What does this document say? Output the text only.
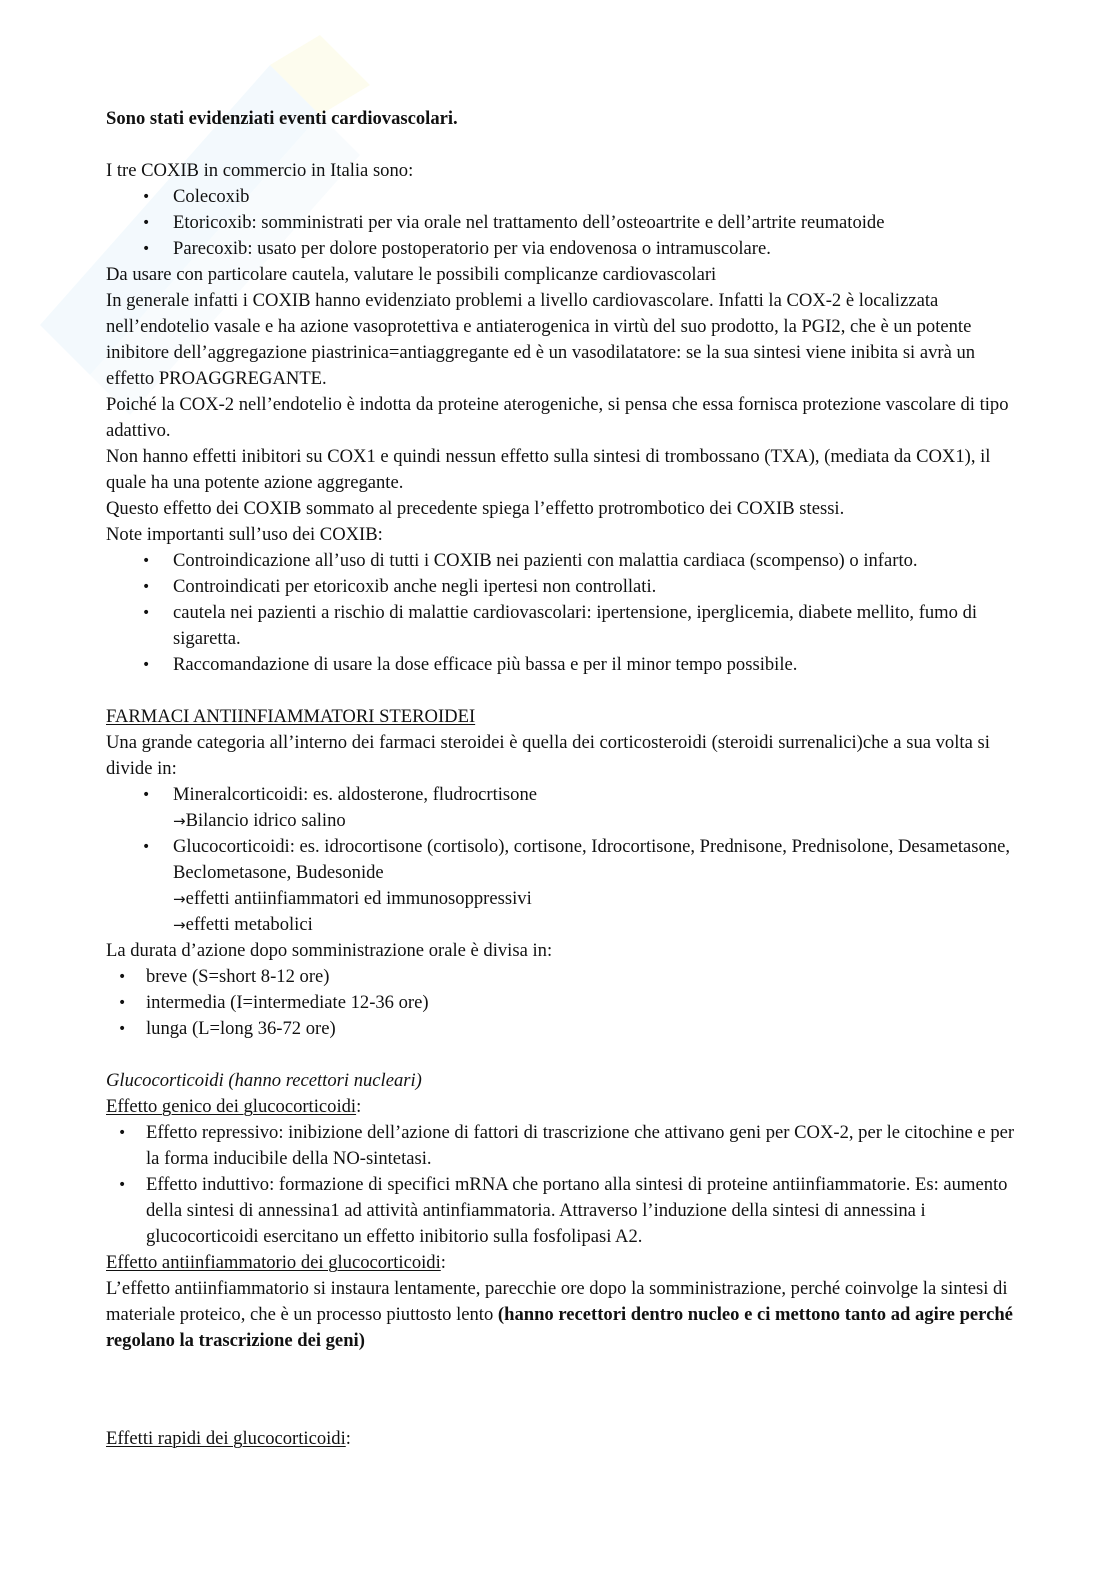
Sono stati evidenziati eventi cardiovascolari.

I tre COXIB in commercio in Italia sono:

• Colecoxib
• Etoricoxib: somministrati per via orale nel trattamento dell’osteoartrite e dell’artrite reumatoide
• Parecoxib: usato per dolore postoperatorio per via endovenosa o intramuscolare.

Da usare con particolare cautela, valutare le possibili complicanze cardiovascolari

In generale infatti i COXIB hanno evidenziato problemi a livello cardiovascolare. Infatti la COX-2 è localizzata nell’endotelio vasale e ha azione vasoprotettiva e antiaterogenica in virtù del suo prodotto, la PGI2, che è un potente inibitore dell’aggregazione piastrinica=antiaggregante ed è un vasodilatatore: se la sua sintesi viene inibita si avrà un effetto PROAGGREGANTE.

Poiché la COX-2 nell’endotelio è indotta da proteine aterogeniche, si pensa che essa fornisca protezione vascolare di tipo adattivo.

Non hanno effetti inibitori su COX1 e quindi nessun effetto sulla sintesi di trombossano (TXA), (mediata da COX1), il quale ha una potente azione aggregante.

Questo effetto dei COXIB sommato al precedente spiega l’effetto protrombotico dei COXIB stessi.

Note importanti sull’uso dei COXIB:

• Controindicazione all’uso di tutti i COXIB nei pazienti con malattia cardiaca (scompenso) o infarto.
• Controindicati per etoricoxib anche negli ipertesi non controllati.
• cautela nei pazienti a rischio di malattie cardiovascolari: ipertensione, iperglicemia, diabete mellito, fumo di sigaretta.
• Raccomandazione di usare la dose efficace più bassa e per il minor tempo possibile.

FARMACI ANTIINFIAMMATORI STEROIDEI

Una grande categoria all’interno dei farmaci steroidei è quella dei corticosteroidi (steroidi surrenalici)che a sua volta si divide in:

• Mineralcorticoidi: es. aldosterone, fludrocrtisone
→Bilancio idrico salino
• Glucocorticoidi: es. idrocortisone (cortisolo), cortisone, Idrocortisone, Prednisone, Prednisolone, Desametasone, Beclometasone, Budesonide
→effetti antiinfiammatori ed immunosoppressivi
→effetti metabolici

La durata d’azione dopo somministrazione orale è divisa in:

• breve (S=short 8-12 ore)
• intermedia (I=intermediate 12-36 ore)
• lunga (L=long 36-72 ore)

Glucocorticoidi (hanno recettori nucleari)

Effetto genico dei glucocorticoidi:

• Effetto repressivo: inibizione dell’azione di fattori di trascrizione che attivano geni per COX-2, per le citochine e per la forma inducibile della NO-sintetasi.
• Effetto induttivo: formazione di specifici mRNA che portano alla sintesi di proteine antiinfiammatorie. Es: aumento della sintesi di annessina1 ad attività antinfiammatoria. Attraverso l’induzione della sintesi di annessina i glucocorticoidi esercitano un effetto inibitorio sulla fosfolipasi A2.

Effetto antiinfiammatorio dei glucocorticoidi:

L’effetto antiinfiammatorio si instaura lentamente, parecchie ore dopo la somministrazione, perché coinvolge la sintesi di materiale proteico, che è un processo piuttosto lento (hanno recettori dentro nucleo e ci mettono tanto ad agire perché regolano la trascrizione dei geni)

Effetti rapidi dei glucocorticoidi:
